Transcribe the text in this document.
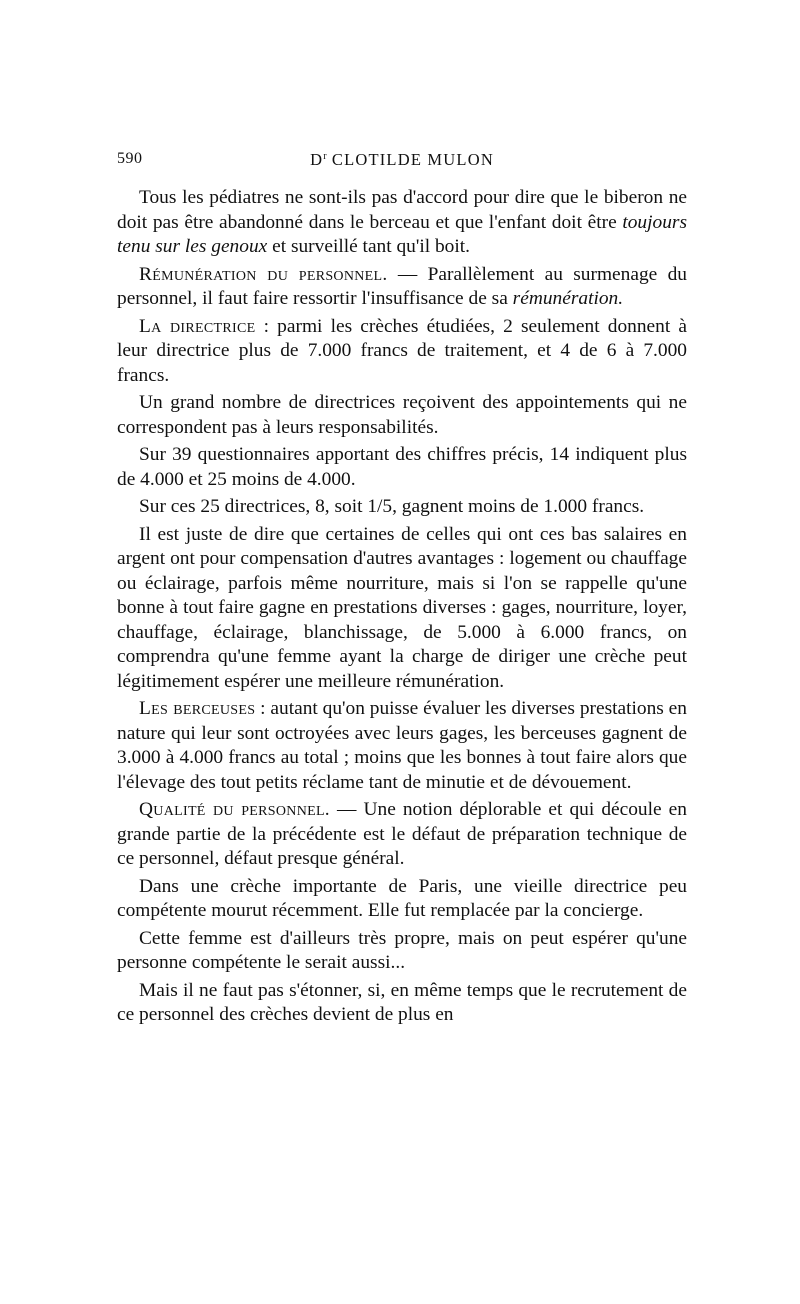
590	$D^r$ CLOTILDE MULON

Tous les pédiatres ne sont-ils pas d'accord pour dire que le biberon ne doit pas être abandonné dans le berceau et que l'enfant doit être toujours tenu sur les genoux et surveillé tant qu'il boit.

Rémunération du personnel. — Parallèlement au surmenage du personnel, il faut faire ressortir l'insuffisance de sa rémunération.

La directrice : parmi les crèches étudiées, 2 seulement donnent à leur directrice plus de 7.000 francs de traitement, et 4 de 6 à 7.000 francs.

Un grand nombre de directrices reçoivent des appointements qui ne correspondent pas à leurs responsabilités.

Sur 39 questionnaires apportant des chiffres précis, 14 indiquent plus de 4.000 et 25 moins de 4.000.

Sur ces 25 directrices, 8, soit 1/5, gagnent moins de 1.000 francs.

Il est juste de dire que certaines de celles qui ont ces bas salaires en argent ont pour compensation d'autres avantages : logement ou chauffage ou éclairage, parfois même nourriture, mais si l'on se rappelle qu'une bonne à tout faire gagne en prestations diverses : gages, nourriture, loyer, chauffage, éclairage, blanchissage, de 5.000 à 6.000 francs, on comprendra qu'une femme ayant la charge de diriger une crèche peut légitimement espérer une meilleure rémunération.

Les berceuses : autant qu'on puisse évaluer les diverses prestations en nature qui leur sont octroyées avec leurs gages, les berceuses gagnent de 3.000 à 4.000 francs au total ; moins que les bonnes à tout faire alors que l'élevage des tout petits réclame tant de minutie et de dévouement.

Qualité du personnel. — Une notion déplorable et qui découle en grande partie de la précédente est le défaut de préparation technique de ce personnel, défaut presque général.

Dans une crèche importante de Paris, une vieille directrice peu compétente mourut récemment. Elle fut remplacée par la concierge.

Cette femme est d'ailleurs très propre, mais on peut espérer qu'une personne compétente le serait aussi...

Mais il ne faut pas s'étonner, si, en même temps que le recrutement de ce personnel des crèches devient de plus en
